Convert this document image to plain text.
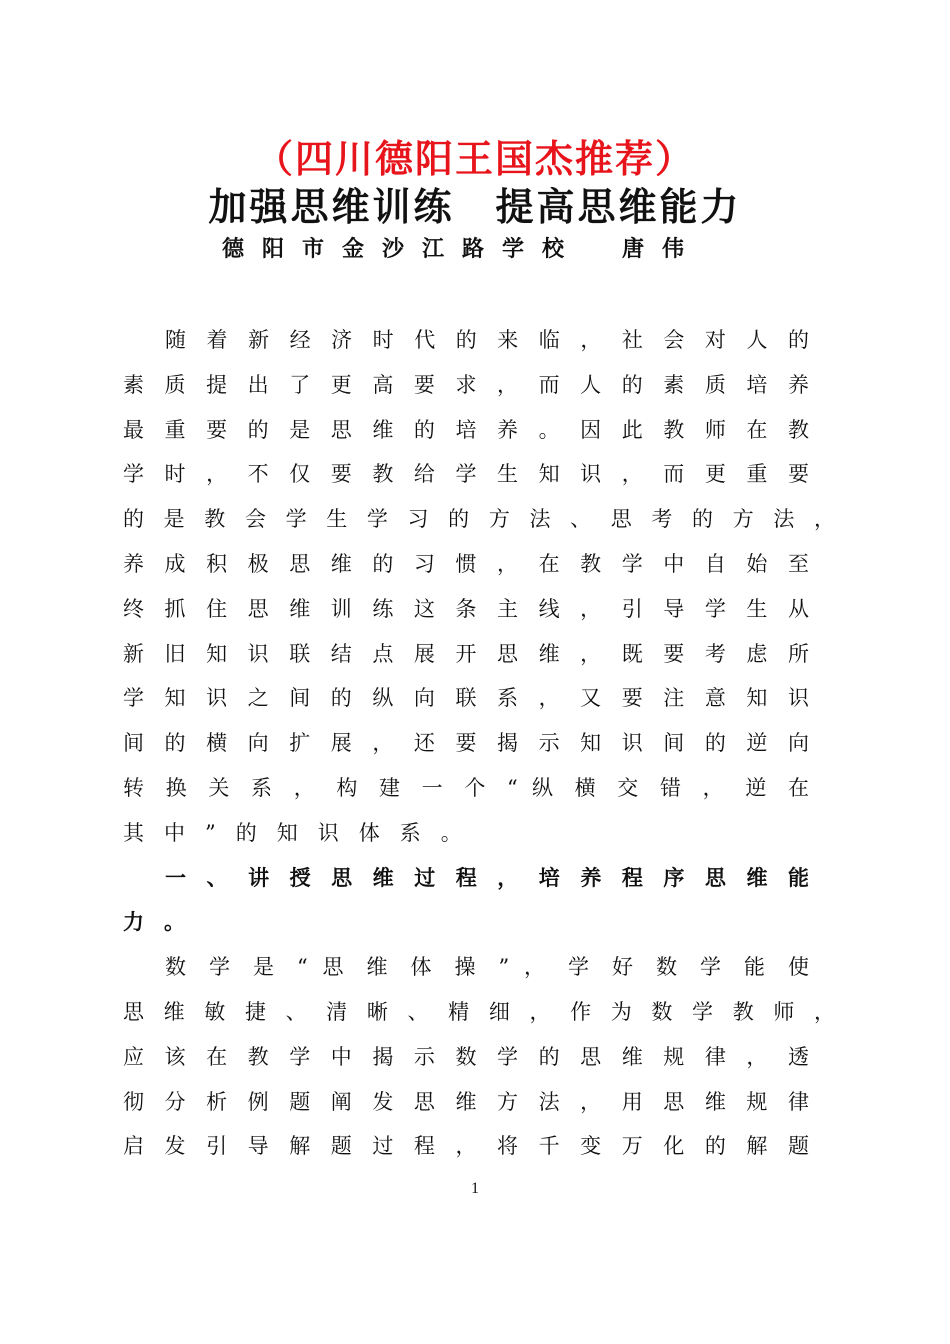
（四川德阳王国杰推荐）
加强思维训练　提高思维能力
德阳市金沙江路学校　唐伟
随 着 新 经 济 时 代 的 来 临 ， 社 会 对 人 的
素 质 提 出 了 更 高 要 求 ， 而 人 的 素 质 培 养
最 重 要 的 是 思 维 的 培 养 。 因 此 教 师 在 教
学 时 ， 不 仅 要 教 给 学 生 知 识 ， 而 更 重 要
的 是 教 会 学 生 学 习 的 方 法 、 思 考 的 方 法 ，
养 成 积 极 思 维 的 习 惯 ， 在 教 学 中 自 始 至
终 抓 住 思 维 训 练 这 条 主 线 ， 引 导 学 生 从
新 旧 知 识 联 结 点 展 开 思 维 ， 既 要 考 虑 所
学 知 识 之 间 的 纵 向 联 系 ， 又 要 注 意 知 识
间 的 横 向 扩 展 ， 还 要 揭 示 知 识 间 的 逆 向
转 换 关 系 ， 构 建 一 个 “ 纵 横 交 错 ， 逆 在
其中”的知识体系。
一 、 讲 授 思 维 过 程 ， 培 养 程 序 思 维 能
力。
数 学 是 “ 思 维 体 操 ” ， 学 好 数 学 能 使
思 维 敏 捷 、 清 晰 、 精 细 ， 作 为 数 学 教 师 ，
应 该 在 教 学 中 揭 示 数 学 的 思 维 规 律 ， 透
彻 分 析 例 题 阐 发 思 维 方 法 ， 用 思 维 规 律
启 发 引 导 解 题 过 程 ， 将 千 变 万 化 的 解 题
1
